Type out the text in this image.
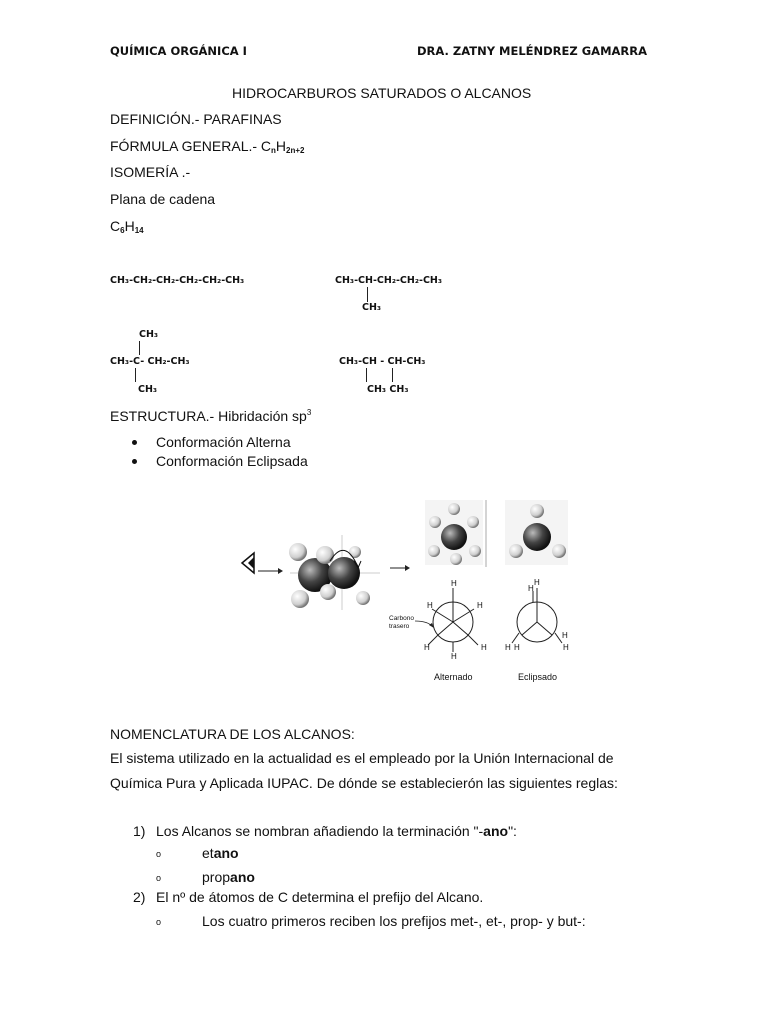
QUÍMICA ORGÁNICA I	DRA. ZATNY MELÉNDREZ GAMARRA
HIDROCARBUROS SATURADOS O ALCANOS
DEFINICIÓN.- PARAFINAS
FÓRMULA GENERAL.- $C_nH_{2n+2}$
ISOMERÍA .-
Plana de cadena
$C_6H_{14}$
CH₃-CH₂-CH₂-CH₂-CH₂-CH₃	CH₃-CH-CH₂-CH₂-CH₃
CH₃
CH₃
CH₃-C- CH₂-CH₃
CH₃
CH₃-CH - CH-CH₃
CH₃ CH₃
ESTRUCTURA.- Hibridación $sp^3$
Conformación Alterna
Conformación Eclipsada
Carbono
trasero
H
H	H
H	H
H
H
H
H
H
H H
Alternado	Eclipsado
NOMENCLATURA DE LOS ALCANOS:
El sistema utilizado en la actualidad es el empleado por la Unión Internacional de
Química Pura y Aplicada IUPAC. De dónde se establecierón las siguientes reglas:
1) Los Alcanos se nombran añadiendo la terminación "-ano":
o	etano
o	propano
2) El nº de átomos de C determina el prefijo del Alcano.
o	Los cuatro primeros reciben los prefijos met-, et-, prop- y but-:
